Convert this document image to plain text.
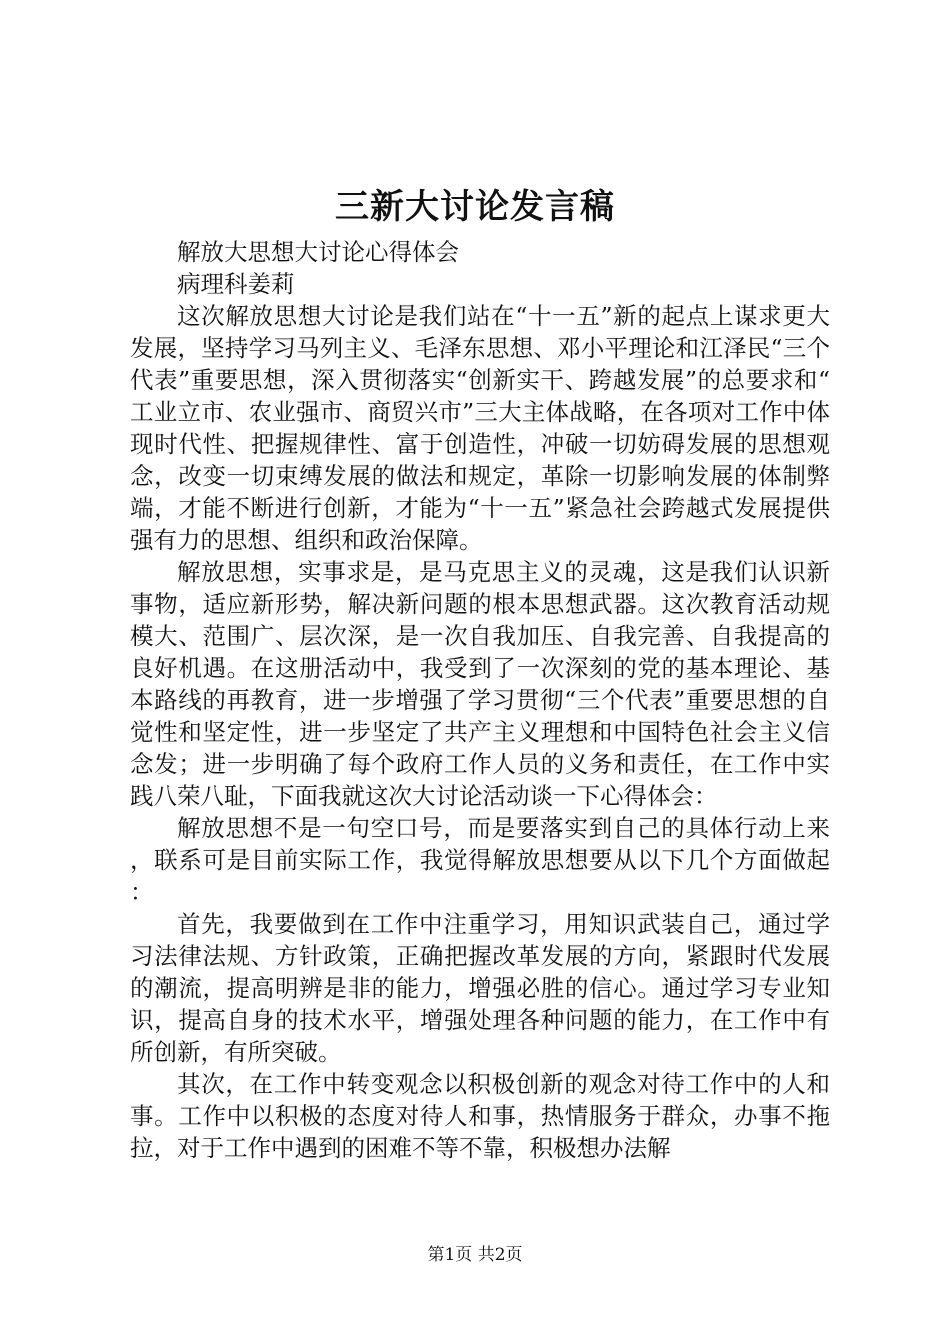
三新大讨论发言稿

解放大思想大讨论心得体会

病理科姜莉

这次解放思想大讨论是我们站在“十一五”新的起点上谋求更大发展，坚持学习马列主义、毛泽东思想、邓小平理论和江泽民“三个代表”重要思想，深入贯彻落实“创新实干、跨越发展”的总要求和“工业立市、农业强市、商贸兴市”三大主体战略，在各项对工作中体现时代性、把握规律性、富于创造性，冲破一切妨碍发展的思想观念，改变一切束缚发展的做法和规定，革除一切影响发展的体制弊端，才能不断进行创新，才能为“十一五”紧急社会跨越式发展提供强有力的思想、组织和政治保障。

解放思想，实事求是，是马克思主义的灵魂，这是我们认识新事物，适应新形势，解决新问题的根本思想武器。这次教育活动规模大、范围广、层次深，是一次自我加压、自我完善、自我提高的良好机遇。在这册活动中，我受到了一次深刻的党的基本理论、基本路线的再教育，进一步增强了学习贯彻“三个代表”重要思想的自觉性和坚定性，进一步坚定了共产主义理想和中国特色社会主义信念发；进一步明确了每个政府工作人员的义务和责任，在工作中实践八荣八耻，下面我就这次大讨论活动谈一下心得体会：

解放思想不是一句空口号，而是要落实到自己的具体行动上来，联系可是目前实际工作，我觉得解放思想要从以下几个方面做起：

首先，我要做到在工作中注重学习，用知识武装自己，通过学习法律法规、方针政策，正确把握改革发展的方向，紧跟时代发展的潮流，提高明辨是非的能力，增强必胜的信心。通过学习专业知识，提高自身的技术水平，增强处理各种问题的能力，在工作中有所创新，有所突破。

其次，在工作中转变观念以积极创新的观念对待工作中的人和事。工作中以积极的态度对待人和事，热情服务于群众，办事不拖拉，对于工作中遇到的困难不等不靠，积极想办法解

第1页 共2页
